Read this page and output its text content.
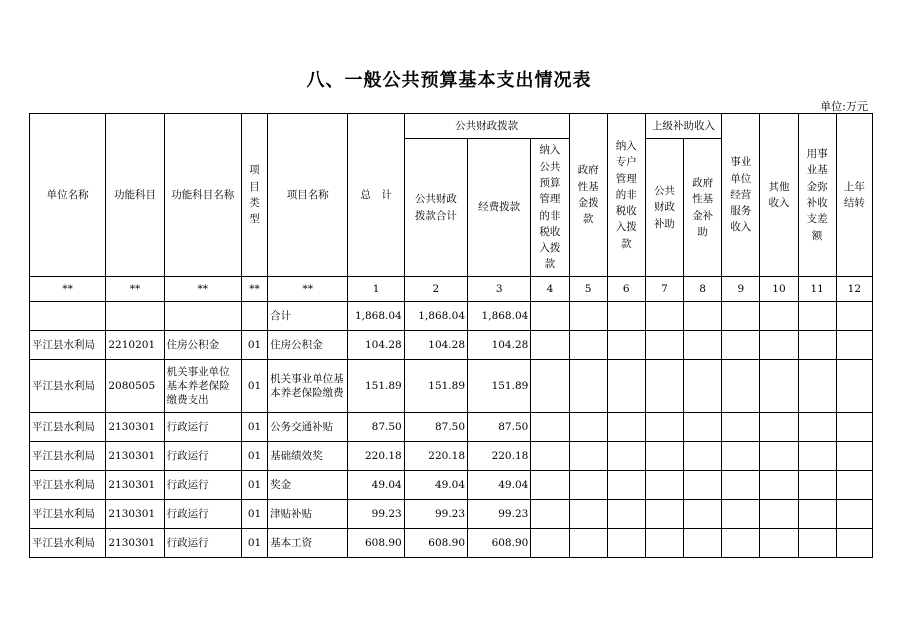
八、一般公共预算基本支出情况表
单位:万元
单位名称	功能科目	功能科目名称	项目类型	项目名称	总　计	公共财政拨款			政府性基金拨款	纳入专户管理的非税收入拨款	上级补助收入		事业单位经营服务收入	其他收入	用事业基金弥补收支差额	上年结转
						公共财政拨款合计	经费拨款	纳入公共预算管理的非税收入拨款			公共财政补助	政府性基金补助				
**	**	**	**	**	1	2	3	4	5	6	7	8	9	10	11	12
				合计	1,868.04	1,868.04	1,868.04									
平江县水利局	2210201	住房公积金	01	住房公积金	104.28	104.28	104.28									
平江县水利局	2080505	机关事业单位基本养老保险缴费支出	01	机关事业单位基本养老保险缴费	151.89	151.89	151.89									
平江县水利局	2130301	行政运行	01	公务交通补贴	87.50	87.50	87.50									
平江县水利局	2130301	行政运行	01	基础绩效奖	220.18	220.18	220.18									
平江县水利局	2130301	行政运行	01	奖金	49.04	49.04	49.04									
平江县水利局	2130301	行政运行	01	津贴补贴	99.23	99.23	99.23									
平江县水利局	2130301	行政运行	01	基本工资	608.90	608.90	608.90									
